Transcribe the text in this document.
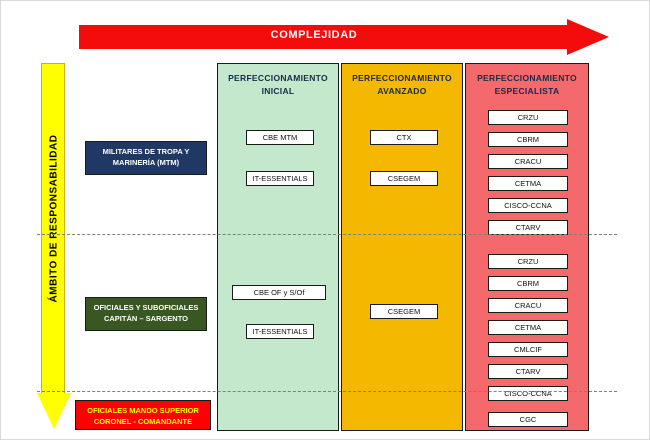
COMPLEJIDAD
ÁMBITO DE RESPONSABILIDAD	MILITARES DE TROPA Y
MARINERÍA (MTM)
OFICIALES Y SUBOFICIALES
CAPITÁN – SARGENTO
OFICIALES MANDO SUPERIOR
CORONEL - COMANDANTE
PERFECCIONAMIENTO
INICIAL
CBE MTM
IT-ESSENTIALS
CBE OF y S/Of
IT-ESSENTIALS
PERFECCIONAMIENTO
AVANZADO
CTX
CSEGEM
CSEGEM
PERFECCIONAMIENTO
ESPECIALISTA
CRZU
CBRM
CRACU
CETMA
CISCO-CCNA
CTARV
CRZU
CBRM
CRACU
CETMA
CMLCIF
CTARV
CISCO-CCNA
CGC
